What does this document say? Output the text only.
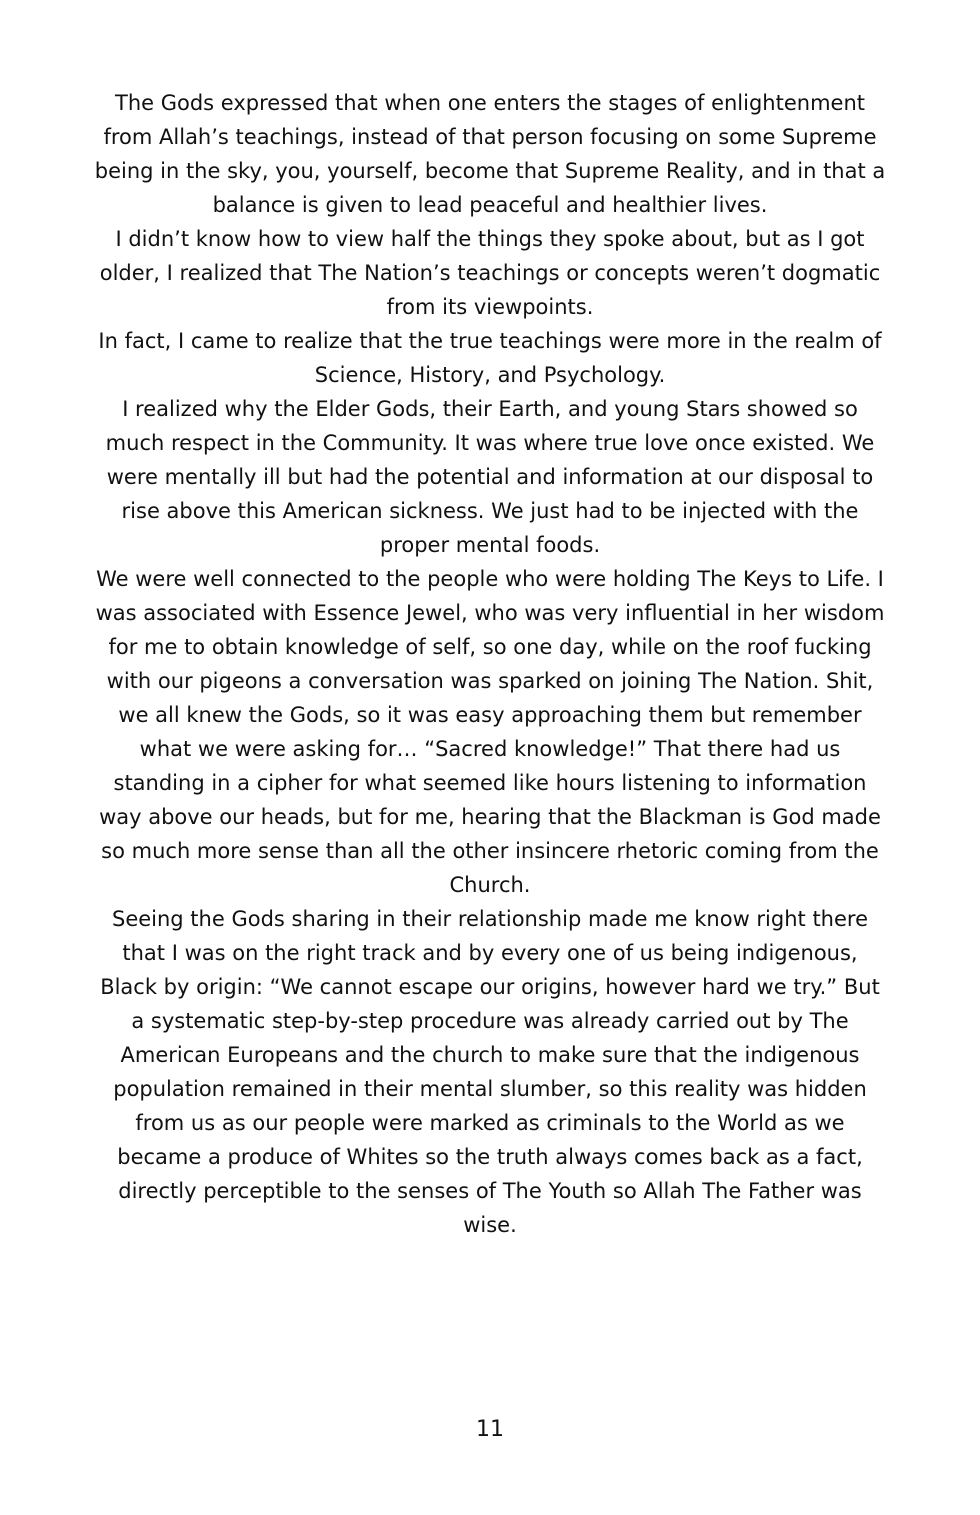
The Gods expressed that when one enters the stages of enlightenment from Allah’s teachings, instead of that person focusing on some Supreme being in the sky, you, yourself, become that Supreme Reality, and in that a balance is given to lead peaceful and healthier lives.

I didn’t know how to view half the things they spoke about, but as I got older, I realized that The Nation’s teachings or concepts weren’t dogmatic from its viewpoints.

In fact, I came to realize that the true teachings were more in the realm of Science, History, and Psychology.

I realized why the Elder Gods, their Earth, and young Stars showed so much respect in the Community. It was where true love once existed. We were mentally ill but had the potential and information at our disposal to rise above this American sickness. We just had to be injected with the proper mental foods.

We were well connected to the people who were holding The Keys to Life. I was associated with Essence Jewel, who was very influential in her wisdom for me to obtain knowledge of self, so one day, while on the roof fucking with our pigeons a conversation was sparked on joining The Nation. Shit, we all knew the Gods, so it was easy approaching them but remember what we were asking for… “Sacred knowledge!” That there had us standing in a cipher for what seemed like hours listening to information way above our heads, but for me, hearing that the Blackman is God made so much more sense than all the other insincere rhetoric coming from the Church.

Seeing the Gods sharing in their relationship made me know right there that I was on the right track and by every one of us being indigenous, Black by origin: “We cannot escape our origins, however hard we try.” But a systematic step-by-step procedure was already carried out by The American Europeans and the church to make sure that the indigenous population remained in their mental slumber, so this reality was hidden from us as our people were marked as criminals to the World as we became a produce of Whites so the truth always comes back as a fact, directly perceptible to the senses of The Youth so Allah The Father was wise.

11
